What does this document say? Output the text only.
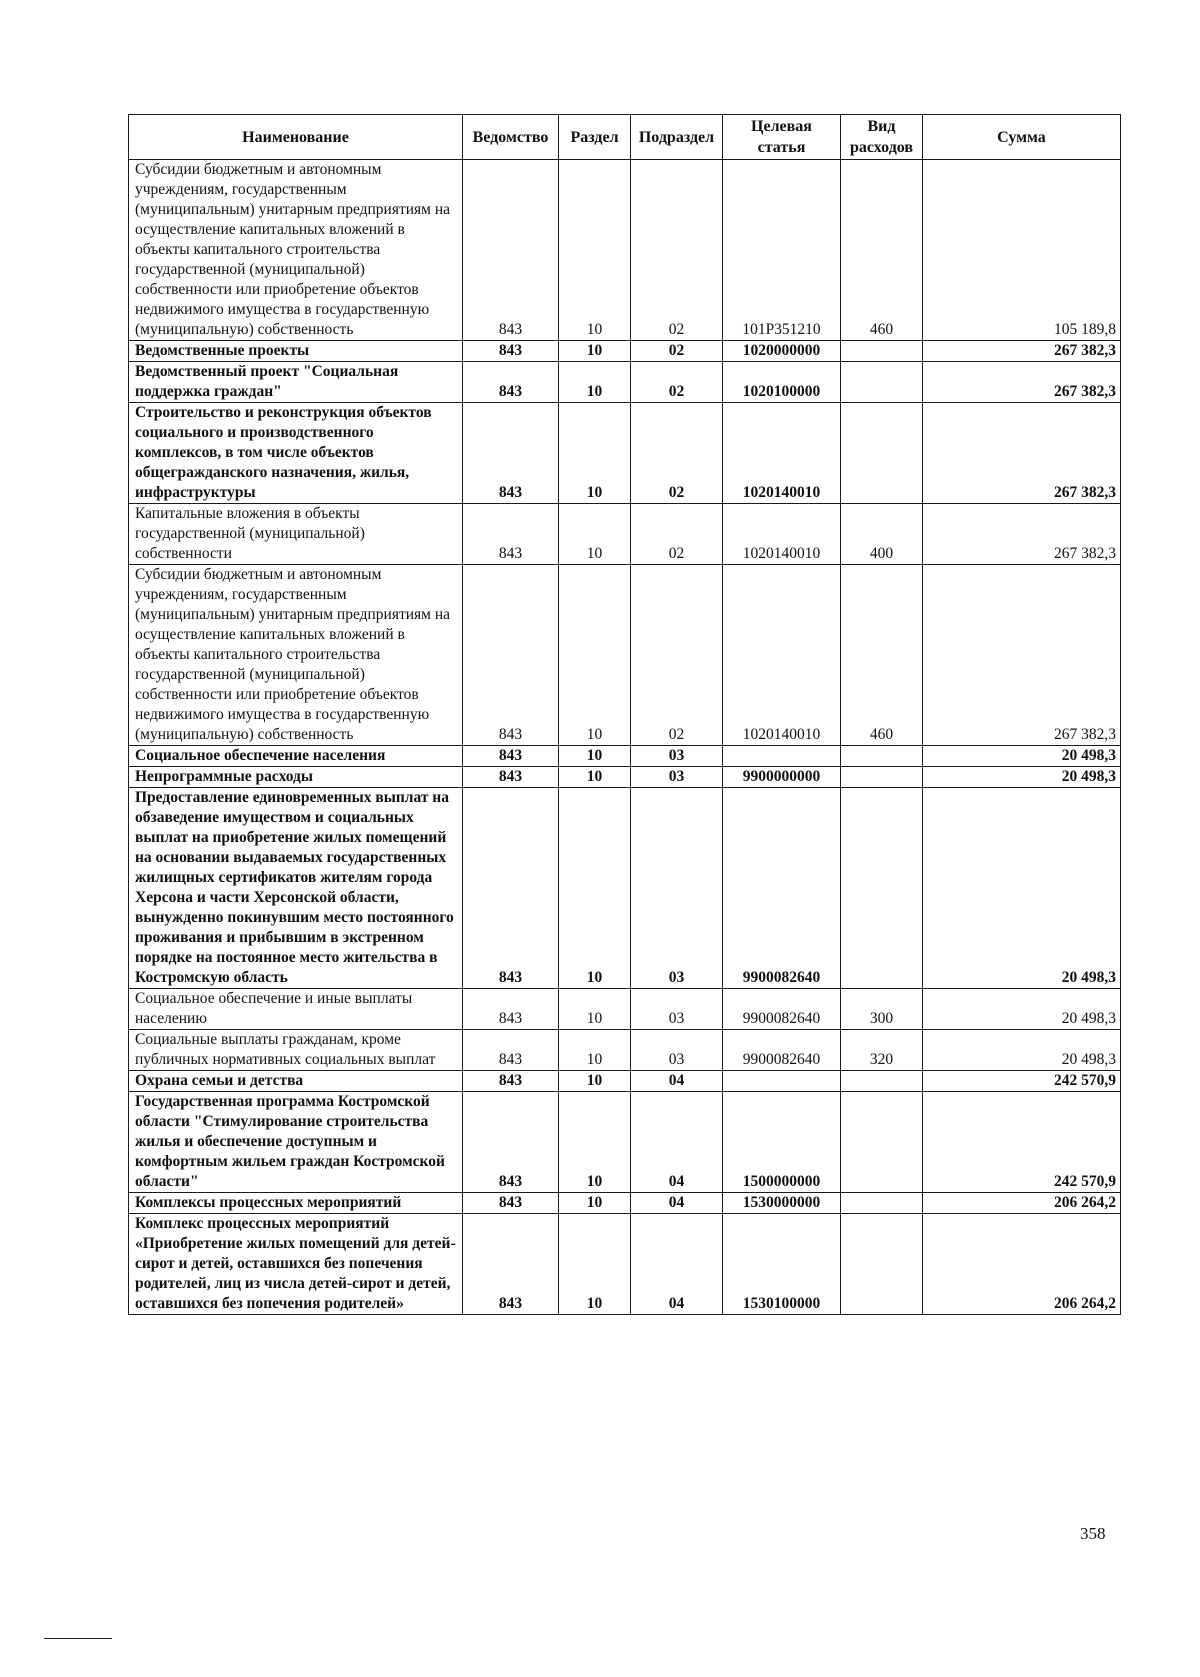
Наименование	Ведомство	Раздел	Подраздел	Целевая статья	Вид расходов	Сумма
Субсидии бюджетным и автономным учреждениям, государственным (муниципальным) унитарным предприятиям на осуществление капитальных вложений в объекты капитального строительства государственной (муниципальной) собственности или приобретение объектов недвижимого имущества в государственную (муниципальную) собственность	843	10	02	101Р351210	460	105 189,8
Ведомственные проекты	843	10	02	1020000000		267 382,3
Ведомственный проект "Социальная поддержка граждан"	843	10	02	1020100000		267 382,3
Строительство и реконструкция объектов социального и производственного комплексов, в том числе объектов общегражданского назначения, жилья, инфраструктуры	843	10	02	1020140010		267 382,3
Капитальные вложения в объекты государственной (муниципальной) собственности	843	10	02	1020140010	400	267 382,3
Субсидии бюджетным и автономным учреждениям, государственным (муниципальным) унитарным предприятиям на осуществление капитальных вложений в объекты капитального строительства государственной (муниципальной) собственности или приобретение объектов недвижимого имущества в государственную (муниципальную) собственность	843	10	02	1020140010	460	267 382,3
Социальное обеспечение населения	843	10	03			20 498,3
Непрограммные расходы	843	10	03	9900000000		20 498,3
Предоставление единовременных выплат на обзаведение имуществом и социальных выплат на приобретение жилых помещений на основании выдаваемых государственных жилищных сертификатов жителям города Херсона и части Херсонской области, вынужденно покинувшим место постоянного проживания и прибывшим в экстренном порядке на постоянное место жительства в Костромскую область	843	10	03	9900082640		20 498,3
Социальное обеспечение и иные выплаты населению	843	10	03	9900082640	300	20 498,3
Социальные выплаты гражданам, кроме публичных нормативных социальных выплат	843	10	03	9900082640	320	20 498,3
Охрана семьи и детства	843	10	04			242 570,9
Государственная программа Костромской области "Стимулирование строительства жилья и обеспечение доступным и комфортным жильем граждан Костромской области"	843	10	04	1500000000		242 570,9
Комплексы процессных мероприятий	843	10	04	1530000000		206 264,2
Комплекс процессных мероприятий «Приобретение жилых помещений для детей-сирот и детей, оставшихся без попечения родителей, лиц из числа детей-сирот и детей, оставшихся без попечения родителей»	843	10	04	1530100000		206 264,2
358
